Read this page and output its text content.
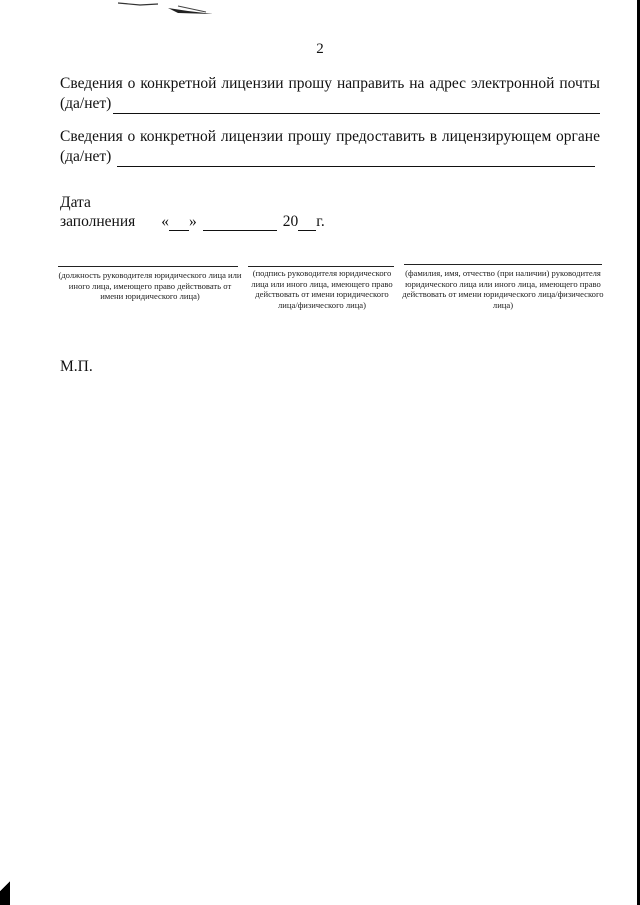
2
Сведения о конкретной лицензии прошу направить на адрес электронной почты
(да/нет)
Сведения о конкретной лицензии прошу предоставить в лицензирующем органе
(да/нет)
Дата
заполнения « »	20 г.
(должность руководителя юридического лица или иного лица, имеющего право действовать от имени юридического лица)
(подпись руководителя юридического лица или иного лица, имеющего право действовать от имени юридического лица/физического лица)
(фамилия, имя, отчество (при наличии) руководителя юридического лица или иного лица, имеющего право действовать от имени юридического лица/физического лица)
М.П.
